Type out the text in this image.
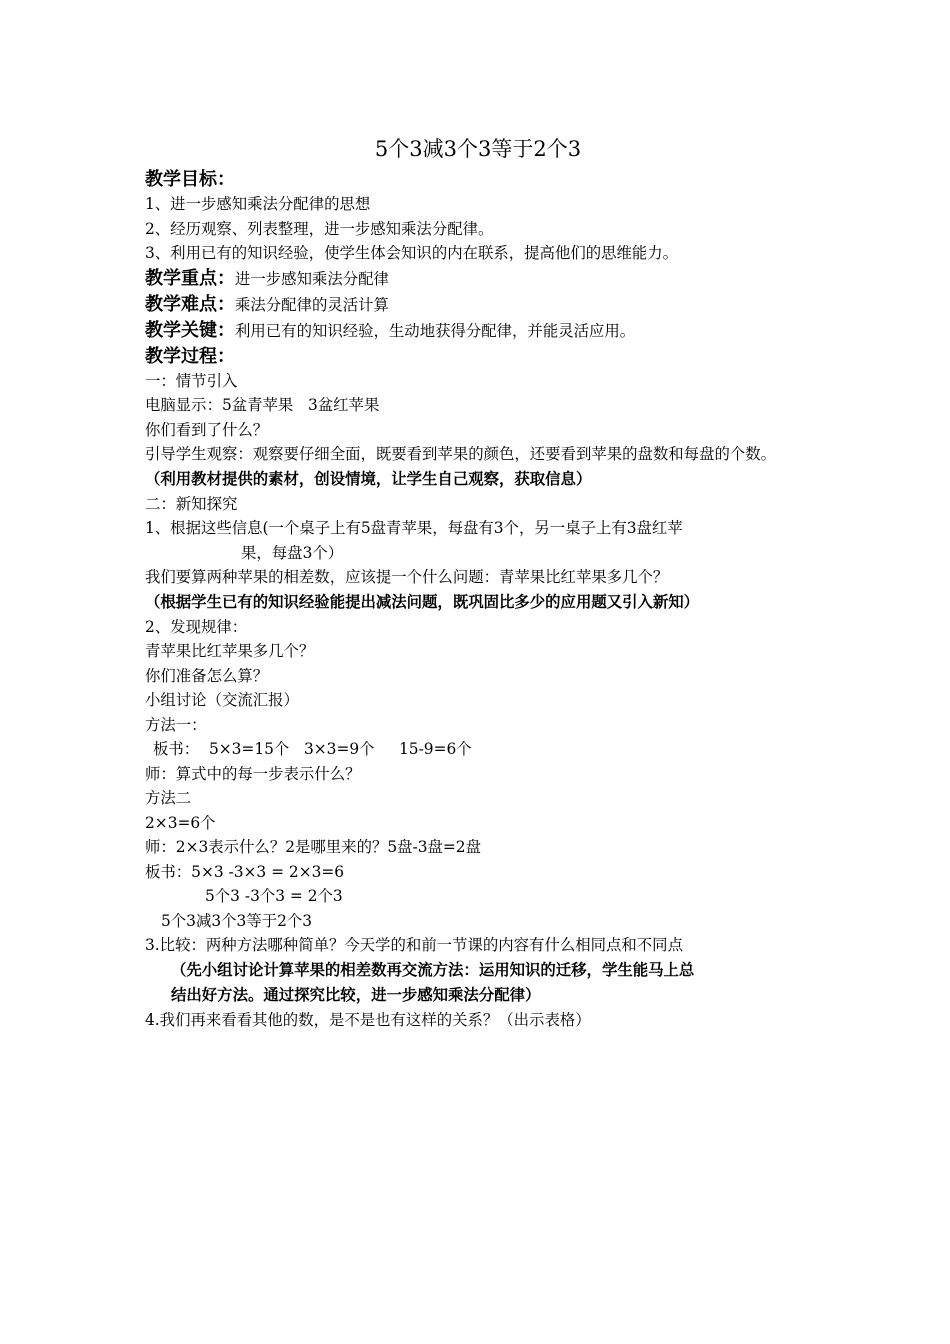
5个3减3个3等于2个3
教学目标：
1、进一步感知乘法分配律的思想
2、经历观察、列表整理，进一步感知乘法分配律。
3、利用已有的知识经验，使学生体会知识的内在联系，提高他们的思维能力。
教学重点：进一步感知乘法分配律
教学难点：乘法分配律的灵活计算
教学关键：利用已有的知识经验，生动地获得分配律，并能灵活应用。
教学过程：
一：情节引入
电脑显示：5盆青苹果   3盆红苹果
你们看到了什么？
引导学生观察：观察要仔细全面，既要看到苹果的颜色，还要看到苹果的盘数和每盘的个数。
（利用教材提供的素材，创设情境，让学生自己观察，获取信息）
二：新知探究
1、根据这些信息(一个桌子上有5盘青苹果，每盘有3个，另一桌子上有3盘红苹
果，每盘3个）
我们要算两种苹果的相差数，应该提一个什么问题：青苹果比红苹果多几个？
（根据学生已有的知识经验能提出减法问题，既巩固比多少的应用题又引入新知）
2、发现规律：
青苹果比红苹果多几个？
你们准备怎么算？
小组讨论（交流汇报）
方法一：
板书：  5×3=15个   3×3=9个     15-9=6个
师：算式中的每一步表示什么？
方法二
2×3=6个
师：2×3表示什么？2是哪里来的？5盘-3盘=2盘
板书：5×3 -3×3 = 2×3=6
5个3 -3个3 = 2个3
5个3减3个3等于2个3
3.比较：两种方法哪种简单？今天学的和前一节课的内容有什么相同点和不同点
（先小组讨论计算苹果的相差数再交流方法：运用知识的迁移，学生能马上总
结出好方法。通过探究比较，进一步感知乘法分配律）
4.我们再来看看其他的数，是不是也有这样的关系？（出示表格）
